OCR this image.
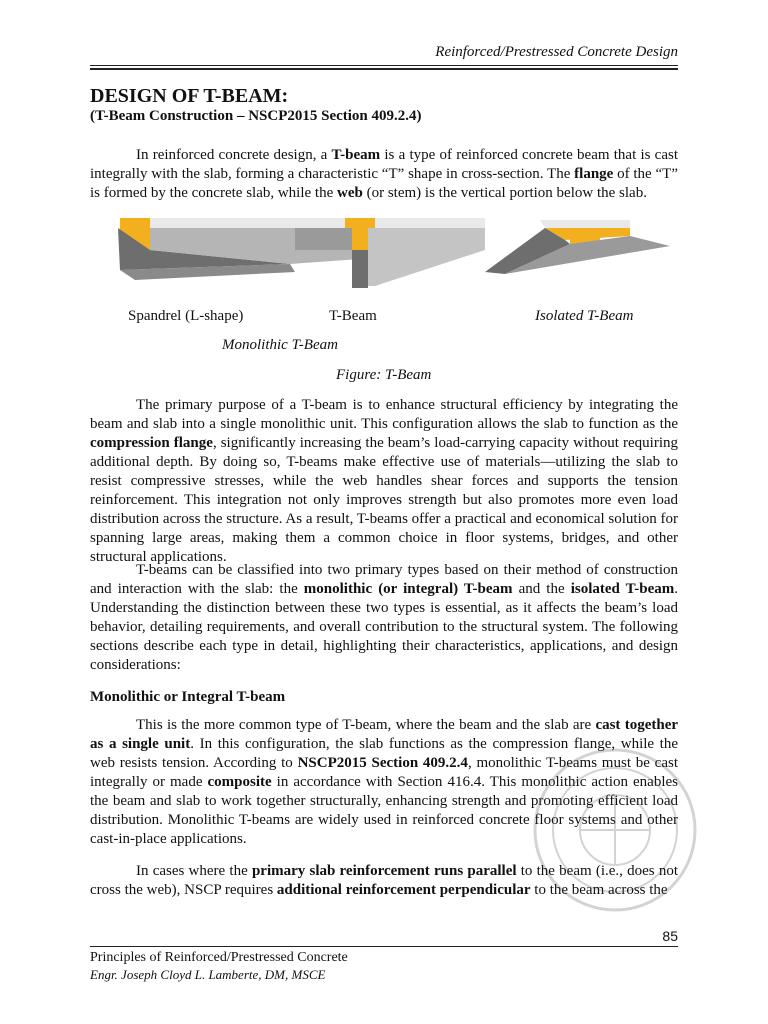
Reinforced/Prestressed Concrete Design
DESIGN OF T-BEAM:

(T-Beam Construction – NSCP2015 Section 409.2.4)

In reinforced concrete design, a T-beam is a type of reinforced concrete beam that is cast integrally with the slab, forming a characteristic “T” shape in cross-section. The flange of the “T” is formed by the concrete slab, while the web (or stem) is the vertical portion below the slab.

Spandrel (L-shape)	T-Beam	Isolated T-Beam
Monolithic T-Beam
Figure: T-Beam

The primary purpose of a T-beam is to enhance structural efficiency by integrating the beam and slab into a single monolithic unit. This configuration allows the slab to function as the compression flange, significantly increasing the beam’s load-carrying capacity without requiring additional depth. By doing so, T-beams make effective use of materials—utilizing the slab to resist compressive stresses, while the web handles shear forces and supports the tension reinforcement. This integration not only improves strength but also promotes more even load distribution across the structure. As a result, T-beams offer a practical and economical solution for spanning large areas, making them a common choice in floor systems, bridges, and other structural applications.

T-beams can be classified into two primary types based on their method of construction and interaction with the slab: the monolithic (or integral) T-beam and the isolated T-beam. Understanding the distinction between these two types is essential, as it affects the beam’s load behavior, detailing requirements, and overall contribution to the structural system. The following sections describe each type in detail, highlighting their characteristics, applications, and design considerations:

Monolithic or Integral T-beam

This is the more common type of T-beam, where the beam and the slab are cast together as a single unit. In this configuration, the slab functions as the compression flange, while the web resists tension. According to NSCP2015 Section 409.2.4, monolithic T-beams must be cast integrally or made composite in accordance with Section 416.4. This monolithic action enables the beam and slab to work together structurally, enhancing strength and promoting efficient load distribution. Monolithic T-beams are widely used in reinforced concrete floor systems and other cast-in-place applications.

In cases where the primary slab reinforcement runs parallel to the beam (i.e., does not cross the web), NSCP requires additional reinforcement perpendicular to the beam across the

85
Principles of Reinforced/Prestressed Concrete
Engr. Joseph Cloyd L. Lamberte, DM, MSCE
